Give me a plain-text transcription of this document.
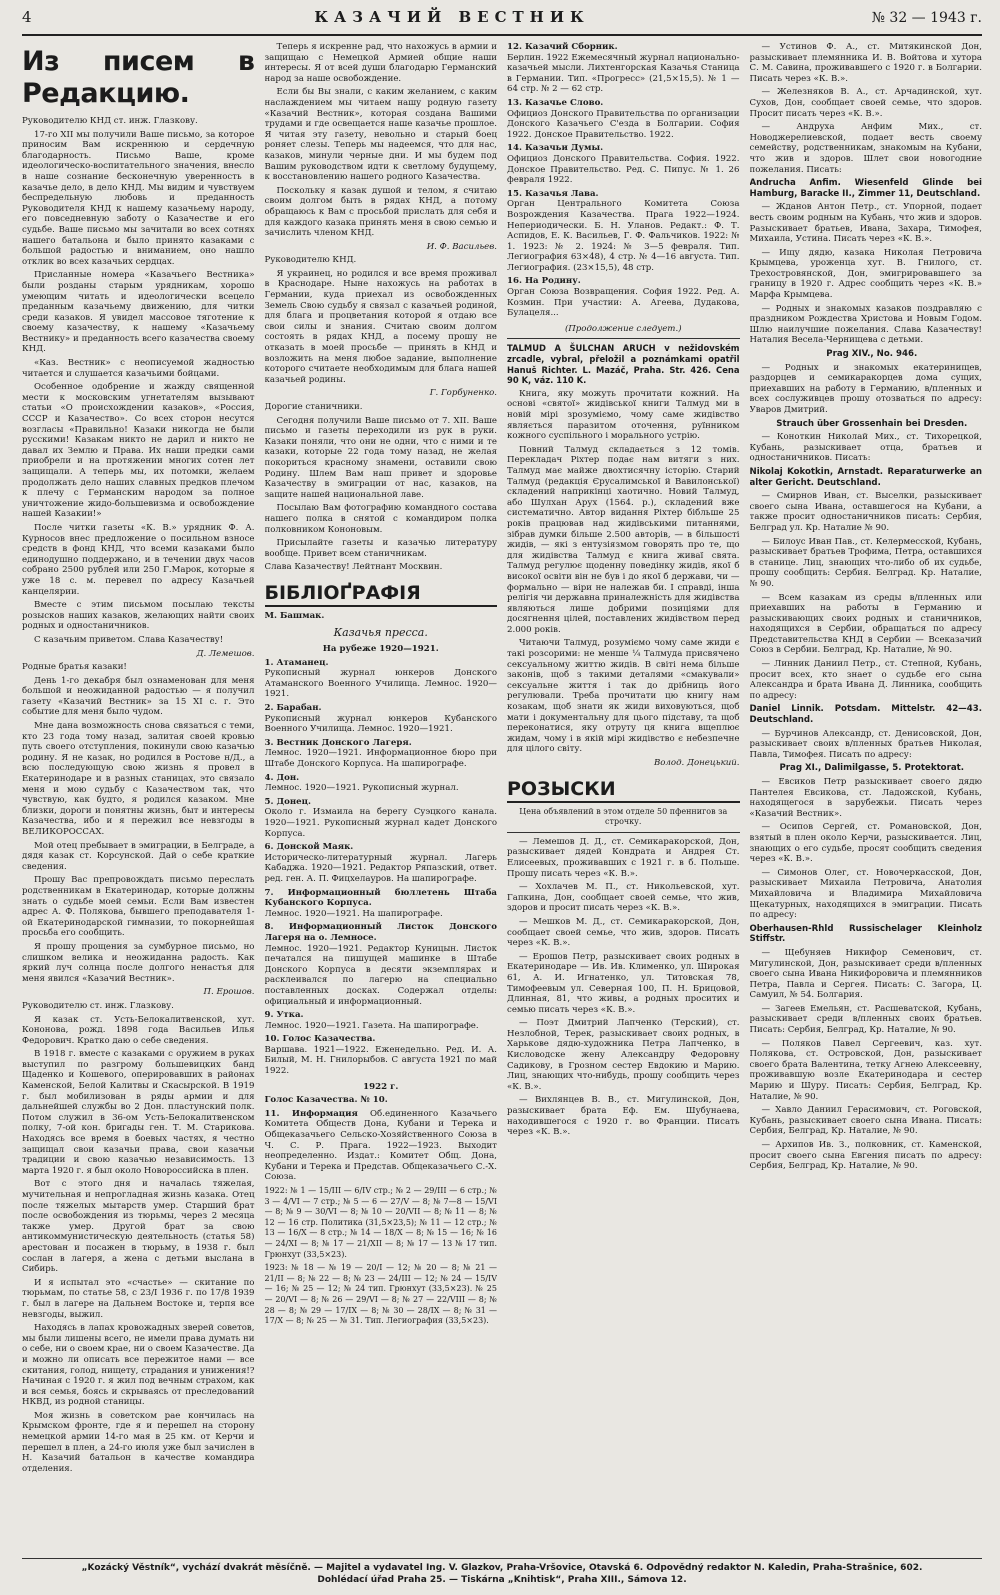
4	КАЗАЧИЙ ВЕСТНИК	№ 32 — 1943 г.
Из писем в Редакцию.

Руководителю КНД ст. инж. Глазкову.

17-го XII мы получили Ваше письмо, за которое приносим Вам искреннюю и сердечную благодарность. Письмо Ваше, кроме идеологическо-воспитательного значения, внесло в наше сознание бесконечную уверенность в казачье дело, в дело КНД. Мы видим и чувствуем беспредельную любовь и преданность Руководителя КНД к нашему казачьему народу, его повседневную заботу о Казачестве и его судьбе. Ваше письмо мы зачитали во всех сотнях нашего батальона и было принято казаками с большой радостью и вниманием, оно нашло отклик во всех казачьих сердцах.

Присланные номера «Казачьего Вестника» были розданы старым урядникам, хорошо умеющим читать и идеологически всецело преданным казачьему движению, для читки среди казаков. Я увидел массовое тяготение к своему казачеству, к нашему «Казачьему Вестнику» и преданность всего казачества своему КНД.

«Каз. Вестник» с неописуемой жадностью читается и слушается казачьими бойцами.

Особенное одобрение и жажду священной мести к московским угнетателям вызывают статьи «О происхождении казаков», «Россия, СССР и Казачество». Со всех сторон несутся возгласы «Правильно! Казаки никогда не были русскими! Казакам никто не дарил и никто не давал их Землю и Права. Их наши предки сами приобрели и на протяжении многих сотен лет защищали. А теперь мы, их потомки, желаем продолжать дело наших славных предков плечом к плечу с Германским народом за полное уничтожение жидо-большевизма и освобождение нашей Казакии!»

После читки газеты «К. В.» урядник Ф. А. Курносов внес предложение о посильном взносе средств в фонд КНД, что всеми казаками было единодушно поддержано, и в течении двух часов собрано 2500 рублей или 250 Г.Марок, которые я уже 18 с. м. перевел по адресу Казачьей канцелярии.

Вместе с этим письмом посылаю тексты розысков наших казаков, желающих найти своих родных и одностаничников.

С казачьим приветом. Слава Казачеству!

Д. Лемешов.

Родные братья казаки!

День 1-го декабря был ознаменован для меня большой и неожиданной радостью — я получил газету «Казачий Вестник» за 15 XI с. г. Это событие для меня было чудом.

Мне дана возможность снова связаться с теми, кто 23 года тому назад, залитая своей кровью путь своего отступления, покинули свою казачью родину. Я не казак, но родился в Ростове н/Д., а всю последующую свою жизнь я провел в Екатеринодаре и в разных станицах, это связало меня и мою судьбу с Казачеством так, что чувствую, как будто, я родился казаком. Мне близки, дороги и понятны жизнь, быт и интересы Казачества, ибо и я пережил все невзгоды в ВЕЛИКОРОССАХ.

Мой отец пребывает в эмиграции, в Белграде, а дядя казак ст. Корсунской. Дай о себе краткие сведения.

Прошу Вас препровождать письмо переслать родственникам в Екатеринодар, которые должны знать о судьбе моей семьи. Если Вам известен адрес А. Ф. Полякова, бывшего преподавателя 1-ой Екатеринодарской гимназии, то покорнейшая просьба его сообщить.

Я прошу прощения за сумбурное письмо, но слишком велика и неожиданна радость. Как яркий луч солнца после долгого ненастья для меня явился «Казачий Вестник».

П. Ерошов.

Руководителю ст. инж. Глазкову.

Я казак ст. Усть-Белокалитвенской, хут. Кононова, рожд. 1898 года Васильев Илья Федорович. Кратко даю о себе сведения.

В 1918 г. вместе с казаками с оружием в руках выступил по разгрому большевицких банд Щаденко и Кошевого, оперировавших в районах Каменской, Белой Калитвы и Скасырской. В 1919 г. был мобилизован в ряды армии и для дальнейшей службы во 2 Дон. пластунский полк. Потом служил в 36-ом Усть-Белокалитвенском полку, 7-ой кон. бригады ген. Т. М. Старикова. Находясь все время в боевых частях, я честно защищал свои казачьи права, свои казачьи традиции и свою казачью независимость. 13 марта 1920 г. я был около Новороссийска в плен.

Вот с этого дня и началась тяжелая, мучительная и непрогладная жизнь казака. Отец после тяжелых мытарств умер. Старший брат после освобождения из тюрьмы, через 2 месяца также умер. Другой брат за свою антикоммунистическую деятельность (статья 58) арестован и посажен в тюрьму, в 1938 г. был сослан в лагеря, а жена с детьми выслана в Сибирь.

И я испытал это «счастье» — скитание по тюрьмам, по статье 58, с 23/I 1936 г. по 17/8 1939 г. был в лагере на Дальнем Востоке и, терпя все невзгоды, выжил.

Находясь в лапах кровожадных зверей советов, мы были лишены всего, не имели права думать ни о себе, ни о своем крае, ни о своем Казачестве. Да и можно ли описать все пережитое нами — все скитания, голод, нищету, страдания и унижения!? Начиная с 1920 г. я жил под вечным страхом, как и вся семья, боясь и скрываясь от преследований НКВД, из родной станицы.

Моя жизнь в советском рае кончилась на Крымском фронте, где я и перешел на сторону немецкой армии 14-го мая в 25 км. от Керчи и перешел в плен, а 24-го июля уже был зачислен в Н. Казачий батальон в качестве командира отделения.

Теперь я искренне рад, что нахожусь в армии и защищаю с Немецкой Армией общие наши интересы. Я от всей души благодарю Германский народ за наше освобождение.

Если бы Вы знали, с каким желанием, с каким наслаждением мы читаем нашу родную газету «Казачий Вестник», которая создана Вашими трудами и где освещается наше казачье прошлое. Я читая эту газету, невольно и старый боец роняет слезы. Теперь мы надеемся, что для нас, казаков, минули черные дни. И мы будем под Вашим руководством идти к светлому будущему, к восстановлению нашего родного Казачества.

Поскольку я казак душой и телом, я считаю своим долгом быть в рядах КНД, а потому обращаюсь к Вам с просьбой прислать для себя и для каждого казака принять меня в свою семью и зачислить членом КНД.

И. Ф. Васильев.

Руководителю КНД.

Я украинец, но родился и все время проживал в Краснодаре. Ныне нахожусь на работах в Германии, куда приехал из освобожденных Земель Свою судьбу я связал с казачьей родиной, для блага и процветания которой я отдаю все свои силы и знания. Считаю своим долгом состоять в рядах КНД, а посему прошу не отказать в моей просьбе — принять в КНД и возложить на меня любое задание, выполнение которого считаете необходимым для блага нашей казачьей родины.

Г. Горбуненко.

Дорогие станичники.

Сегодня получили Ваше письмо от 7. XII. Ваше письмо и газеты переходили из рук в руки. Казаки поняли, что они не одни, что с ними и те казаки, которые 22 года тому назад, не желая покориться красному знамени, оставили свою Родину. Шлем Вам наш привет и здоровье Казачеству в эмиграции от нас, казаков, на защите нашей национальной лаве.

Посылаю Вам фотографию командного состава нашего полка в снятой с командиром полка полковником Кононовым.

Присылайте газеты и казачью литературу вообще. Привет всем станичникам.

Слава Казачеству! Лейтнант Москвин.

БІБЛІОҐРАФІЯ
М. Башмак.
Казачья пресса.
На рубеже 1920—1921.
1. Атаманец.
Рукописный журнал юнкеров Донского Атаманского Военного Училища. Лемнос. 1920—1921.
2. Барабан.
Рукописный журнал юнкеров Кубанского Военного Училища. Лемнос. 1920—1921.
3. Вестник Донского Лагеря.
Лемнос. 1920—1921. Информационное бюро при Штабе Донского Корпуса. На шапирографе.
4. Дон.
Лемнос. 1920—1921. Рукописный журнал.
5. Донец.
Около г. Измаила на берегу Суэцкого канала. 1920—1921. Рукописный журнал кадет Донского Корпуса.
6. Донской Маяк.
Историческо-литературный журнал. Лагерь Кабаджа. 1920—1921. Редактор Ряпазский, ответ. ред. ген. А. П. Фицхелауров. На шапирографе.
7. Информационный бюллетень Штаба Кубанского Корпуса.
Лемнос. 1920—1921. На шапирографе.
8. Информационный Листок Донского Лагеря на о. Лемносе.
Лемнос. 1920—1921. Редактор Куницын. Листок печатался на пишущей машинке в Штабе Донского Корпуса в десяти экземплярах и расклеивался по лагерю на специально поставленных досках. Содержал отделы: официальный и информационный.
9. Утка.
Лемнос. 1920—1921. Газета. На шапирографе.
10. Голос Казачества.
Варшава. 1921—1922. Еженедельно. Ред. И. А. Билый, М. Н. Гнилорыбов. С августа 1921 по май 1922.
1922 г.
Голос Казачества. № 10.
11. Информация Об.единенного Казачьего Комитета Обществ Дона, Кубани и Терека и Общеказачьего Сельско-Хозяйственного Союза в Ч. С. Р. Прага. 1922—1923. Выходит неопределенно. Издат.: Комитет Общ. Дона, Кубани и Терека и Представ. Общеказачьего С.-Х. Союза.
1922: № 1 — 15/III — 6/IV стр.; № 2 — 29/III — 6 стр.; № 3 — 4/VI — 7 стр.; № 5 — 6 — 27/V — 8; № 7—8 — 15/VI — 8; № 9 — 30/VI — 8; № 10 — 20/VII — 8; № 11 — 8; № 12 — 16 стр. Политика (31,5×23,5); № 11 — 12 стр.; № 13 — 16/X — 8 стр.; № 14 — 18/X — 8; № 15 — 16; № 16 — 24/XI — 8; № 17 — 21/XII — 8; № 17 — 13 № 17 тип. Грюнхут (33,5×23).
1923: № 18 — № 19 — 20/I — 12; № 20 — 8; № 21 — 21/II — 8; № 22 — 8; № 23 — 24/III — 12; № 24 — 15/IV — 16; № 25 — 12; № 24 тип. Грюнхут (33,5×23). № 25 — 20/VI — 8; № 26 — 29/VI — 8; № 27 — 22/VIII — 8; № 28 — 8; № 29 — 17/IX — 8; № 30 — 28/IX — 8; № 31 — 17/X — 8; № 25 — № 31. Тип. Легиография (33,5×23).
12. Казачий Сборник.
Берлин. 1922 Ежемесячный журнал национально-казачьей мысли. Лихтенгорская Казачья Станица в Германии. Тип. «Прогресс» (21,5×15,5). № 1 — 64 стр. № 2 — 62 стр.
13. Казачье Слово.
Официоз Донского Правительства по организации Донского Казачьего С'езда в Болгарии. София 1922. Донское Правительство. 1922.
14. Казачьи Думы.
Официоз Донского Правительства. София. 1922. Донское Правительство. Ред. С. Пипус. № 1. 26 февраля 1922.
15. Казачья Лава.
Орган Центрального Комитета Союза Возрождения Казачества. Прага 1922—1924. Непериодически. Б. Н. Уланов. Редакт.: Ф. Т. Аспидов, Е. К. Васильев, Г. Ф. Фальчиков. 1922: № 1. 1923: № 2. 1924: № 3—5 февраля. Тип. Легиография 63×48), 4 стр. № 4—16 августа. Тип. Легиография. (23×15,5), 48 стр.
16. На Родину.
Орган Союза Возвращения. София 1922. Ред. А. Козмин. При участии: А. Агеева, Дудакова, Булацеля...
(Продолжение следует.)

TALMUD A ŠULCHAN ARUCH v nežidovském zrcadle, vybral, přeložil a poznámkami opatřil Hanuš Richter. L. Mazáč, Praha. Str. 426. Cena 90 K, váz. 110 K.

Книга, яку можуть прочитати кожний. На основі «святої» жидівської книги Талмуд ми в новій мірі зрозуміємо, чому саме жидівство являється паразитом оточення, руїнником кожного суспільного і морального устрію.

Повний Талмуд складається з 12 томів. Перекладач Ріхтер подає нам витяги з них. Талмуд має майже двохтисячну історію. Старий Талмуд (редакція Єрусалимської й Вавилонської) складений наприкінці хаотично. Новий Талмуд, або Шулхан Арух (1564. р.), складений вже систематично. Автор видання Ріхтер бібльше 25 років працював над жидівськими питаннями, зібрав думки більше 2.500 авторів, — в більшості жидів, — які з ентузіязмом говорять про те, що для жидівства Талмуд є книга живаї свята. Талмуд регулює щоденну поведінку жидів, якої б високої освіти він не був і до якої б держави, чи — формально — віри не належав би. І справді, інша релігія чи державна приналежність для жидівства являються лише добрими позиціями для досягнення цілей, поставлених жидівством перед 2.000 років.

Читаючи Талмуд, розуміємо чому саме жиди є такі розсорими: не менше ¼ Талмуда присвячено сексуальному життю жидів. В світі нема більше законів, щоб з такими деталями «смакували» сексуальне життя і так до дрібниць його регулювали. Треба прочитати цю книгу нам козакам, щоб знати як жиди виховуються, щоб мати і документальну для цього підставу, та щоб переконатися, яку отруту ця книга вщеплює жидам, чому і в якій мірі жидівство є небезпечне для цілого світу.

Волод. Донецький.

РОЗЫСКИ
Цена объявлений в этом отделе 50 пфеннигов за строчку.

— Лемешов Д. Д., ст. Семикаракорской, Дон, разыскивает дядей Кондрата и Андрея Ст. Елисеевых, проживавших с 1921 г. в б. Польше. Прошу писать через «К. В.».

— Хохлачев М. П., ст. Никольевской, хут. Гапкина, Дон, сообщает своей семье, что жив, здоров и просит писать через «К. В.».

— Мешков М. Д., ст. Семикаракорской, Дон, сообщает своей семье, что жив, здоров. Писать через «К. В.».

— Ерошов Петр, разыскивает своих родных в Екатеринодаре — Ив. Ив. Клименко, ул. Широкая 61, А. И. Игнатенко, ул. Титовская 78, Тимофеевым ул. Северная 100, П. Н. Брицовой, Длинная, 81, что живы, а родных проситих и семью писать через «К. В.».

— Поэт Дмитрий Лапченко (Терский), ст. Незлобной, Терек, разыскивает своих родных, в Харькове дядю-художника Петра Лапченко, в Кисловодске жену Александру Федоровну Садикову, в Грозном сестер Евдокию и Марию. Лиц, знающих что-нибудь, прошу сообщить через «К. В.».

— Вихлянцев В. В., ст. Мигулинской, Дон, разыскивает брата Еф. Ем. Шубунаева, находившегося с 1920 г. во Франции. Писать через «К. В.».

— Устинов Ф. А., ст. Митякинской Дон, разыскивает племянника И. В. Войтова и хутора С. М. Савина, проживавшего с 1920 г. в Болгарии. Писать через «К. В.».

— Железняков В. А., ст. Арчадинской, хут. Сухов, Дон, сообщает своей семье, что здоров. Просит писать через «К. В.».

— Андруха Анфим Мих., ст. Новоджерелиевской, подает весть своему семейству, родственникам, знакомым на Кубани, что жив и здоров. Шлет свои новогодние пожелания. Писать:

Andrucha Anfim. Wiesenfeld Glinde bei Hamburg, Baracke II., Zimmer 11, Deutschland.

— Жданов Антон Петр., ст. Упорной, подает весть своим родным на Кубань, что жив и здоров. Разыскивает братьев, Ивана, Захара, Тимофея, Михаила, Устина. Писать через «К. В.».

— Ищу дядю, казака Николая Петровича Крымцева, уроженца хут. В. Гнилого, ст. Трехостровянской, Дон, эмигрировавшего за границу в 1920 г. Адрес сообщить через «К. В.» Марфа Крымцева.

— Родных и знакомых казаков поздравляю с праздником Рождества Христова и Новым Годом. Шлю наилучшие пожелания. Слава Казачеству! Наталия Весела-Чернищева с детьми.

Prag XIV., No. 946.

— Родных и знакомых екатеринищев, раздорцев и семикаракорцев дома сущих, приехавших на работу в Германию, в/пленных и всех сослуживцев прошу отозваться по адресу: Уваров Дмитрий.

Strauch über Grossenhain bei Dresden.

— Коноткин Николай Мих., ст. Тихорецкой, Кубань, разыскивает отца, братьев и одностаничников. Писать:

Nikolaj Kokotkin, Arnstadt. Reparaturwerke an alter Gericht. Deutschland.

— Смирнов Иван, ст. Выселки, разыскивает своего сына Ивана, оставшегося на Кубани, а также просит одностаничников писать: Сербия, Белград ул. Кр. Наталие № 90.

— Билоус Иван Пав., ст. Келермесской, Кубань, разыскивает братьев Трофима, Петра, оставшихся в станице. Лиц, знающих что-либо об их судьбе, прошу сообщить: Сербия. Белград. Кр. Наталие, № 90.

— Всем казакам из среды в/пленных или приехавших на работы в Германию и разыскивающих своих родных и станичников, находящихся в Сербии, обращаться по адресу Представительства КНД в Сербии — Всеказачий Союз в Сербии. Белград, Кр. Наталие, № 90.

— Линник Даниил Петр., ст. Степной, Кубань, просит всех, кто знает о судьбе его сына Александра и брата Ивана Д. Линника, сообщить по адресу:

Daniel Linnik. Potsdam. Mittelstr. 42—43. Deutschland.

— Бурчинов Александр, ст. Денисовской, Дон, разыскивает своих в/пленных братьев Николая, Павла, Тимофея. Писать по адресу:

Prag XI., Dalimilgasse, 5. Protektorat.

— Евсиков Петр разыскивает своего дядю Пантелея Евсикова, ст. Ладожской, Кубань, находящегося в зарубежьи. Писать через «Казачий Вестник».

— Осипов Сергей, ст. Романовской, Дон, взятый в плен около Керчи, разыскивается. Лиц, знающих о его судьбе, просят сообщить сведения через «К. В.».

— Симонов Олег, ст. Новочеркасской, Дон, разыскивает Михаила Петровича, Анатолия Михайловича и Владимира Михайловича Щекатурных, находящихся в эмиграции. Писать по адресу:

Oberhausen-Rhld Russischelager Kleinholz Stiffstr.

— Щебуняев Никифор Семенович, ст. Мигулинской, Дон, разыскивает среди в/пленных своего сына Ивана Никифоровича и племянников Петра, Павла и Сергея. Писать: С. Загора, Ц. Самуил, № 54. Болгария.

— Загеев Емельян, ст. Расшеватской, Кубань, разыскивает среди в/пленных своих братьев. Писать: Сербия, Белград, Кр. Наталие, № 90.

— Поляков Павел Сергеевич, каз. хут. Полякова, ст. Островской, Дон, разыскивает своего брата Валентина, тетку Агнею Алексеевну, проживавшую возле Екатеринодара и сестер Марию и Шуру. Писать: Сербия, Белград, Кр. Наталие, № 90.

— Хавло Даниил Герасимович, ст. Роговской, Кубань, разыскивает своего сына Ивана. Писать: Сербия, Белград, Кр. Наталие, № 90.

— Архипов Ив. З., полковник, ст. Каменской, просит своего сына Евгения писать по адресу: Сербия, Белград, Кр. Наталие, № 90.

„Kozácký Věstník“, vychází dvakrát měsíčně. — Majitel a vydavatel Ing. V. Glazkov, Praha-Vršovice, Otavská 6. Odpovědný redaktor N. Kaledin, Praha-Strašnice, 602.
Dohlédací úřad Praha 25. — Tiskárna „Knihtisk“, Praha XIII., Sámova 12.
